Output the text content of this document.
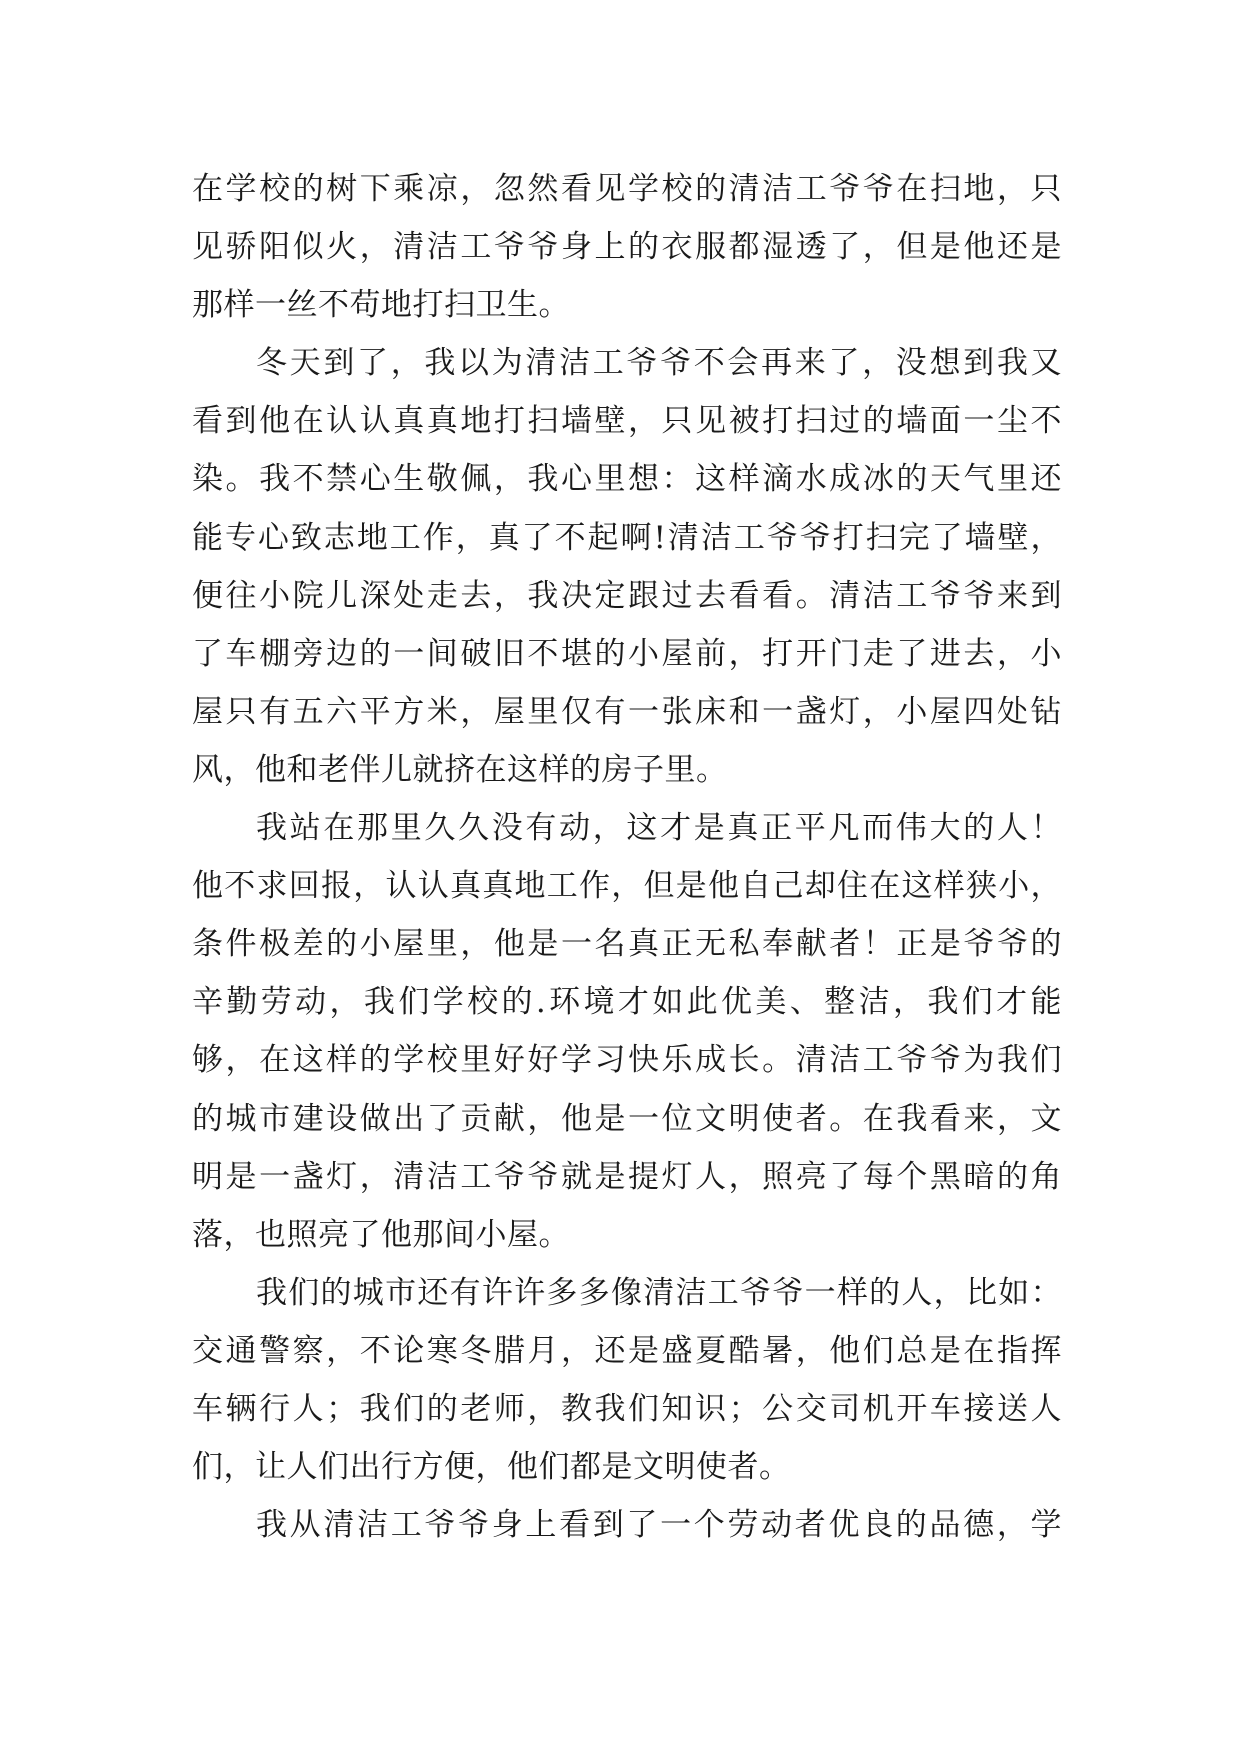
在学校的树下乘凉，忽然看见学校的清洁工爷爷在扫地，只
见骄阳似火，清洁工爷爷身上的衣服都湿透了，但是他还是
那样一丝不苟地打扫卫生。
冬天到了，我以为清洁工爷爷不会再来了，没想到我又
看到他在认认真真地打扫墙壁，只见被打扫过的墙面一尘不
染。我不禁心生敬佩，我心里想：这样滴水成冰的天气里还
能专心致志地工作，真了不起啊!清洁工爷爷打扫完了墙壁，
便往小院儿深处走去，我决定跟过去看看。清洁工爷爷来到
了车棚旁边的一间破旧不堪的小屋前，打开门走了进去，小
屋只有五六平方米，屋里仅有一张床和一盏灯，小屋四处钻
风，他和老伴儿就挤在这样的房子里。
我站在那里久久没有动，这才是真正平凡而伟大的人！
他不求回报，认认真真地工作，但是他自己却住在这样狭小，
条件极差的小屋里，他是一名真正无私奉献者！正是爷爷的
辛勤劳动，我们学校的.环境才如此优美、整洁，我们才能
够，在这样的学校里好好学习快乐成长。清洁工爷爷为我们
的城市建设做出了贡献，他是一位文明使者。在我看来，文
明是一盏灯，清洁工爷爷就是提灯人，照亮了每个黑暗的角
落，也照亮了他那间小屋。
我们的城市还有许许多多像清洁工爷爷一样的人，比如：
交通警察，不论寒冬腊月，还是盛夏酷暑，他们总是在指挥
车辆行人；我们的老师，教我们知识；公交司机开车接送人
们，让人们出行方便，他们都是文明使者。
我从清洁工爷爷身上看到了一个劳动者优良的品德，学
